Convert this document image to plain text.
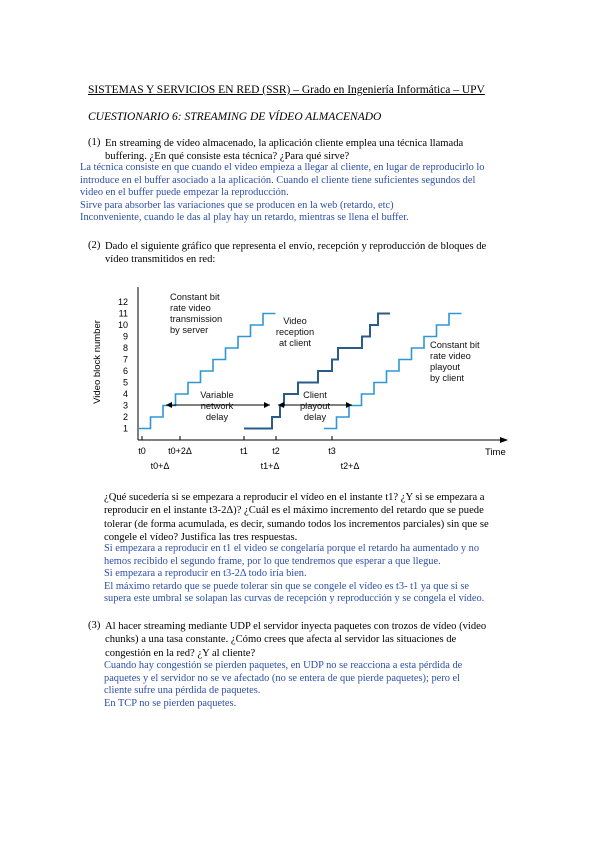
SISTEMAS Y SERVICIOS EN RED (SSR) – Grado en Ingeniería Informática – UPV
CUESTIONARIO 6: STREAMING DE VÍDEO ALMACENADO
(1) En streaming de vídeo almacenado, la aplicación cliente emplea una técnica llamada
buffering. ¿En qué consiste esta técnica? ¿Para qué sirve?
La técnica consiste en que cuando el video empieza a llegar al cliente, en lugar de reproducirlo lo
introduce en el buffer asociado a la aplicación. Cuando el cliente tiene suficientes segundos del
video en el buffer puede empezar la reproducción.
Sirve para absorber las variaciones que se producen en la web (retardo, etc)
Inconveniente, cuando le das al play hay un retardo, mientras se llena el buffer.
(2) Dado el siguiente gráfico que representa el envío, recepción y reproducción de bloques de
vídeo transmitidos en red:
Video block number
Time
1
2
3
4
5
6
7
8
9
10
11
12
t0 t0+2Δ	t1	t2	t3
t0+Δ	t1+Δ	t2+Δ
Constant bit
rate video
transmission
by server
Video
reception
at client	Constant bit
rate video
playout
by client
Variable
network
delay
Client
playout
delay
¿Qué sucedería si se empezara a reproducir el vídeo en el instante t1? ¿Y si se empezara a
reproducir en el instante t3-2Δ)? ¿Cuál es el máximo incremento del retardo que se puede
tolerar (de forma acumulada, es decir, sumando todos los incrementos parciales) sin que se
congele el vídeo? Justifica las tres respuestas.
Si empezara a reproducir en t1 el video se congelaría porque el retardo ha aumentado y no
hemos recibido el segundo frame, por lo que tendremos que esperar a que llegue.
Si empezara a reproducir en t3-2Δ todo iría bien.
El máximo retardo que se puede tolerar sin que se congele el vídeo es t3- t1 ya que si se
supera este umbral se solapan las curvas de recepción y reproducción y se congela el vídeo.
(3) Al hacer streaming mediante UDP el servidor inyecta paquetes con trozos de vídeo (video
chunks) a una tasa constante. ¿Cómo crees que afecta al servidor las situaciones de
congestión en la red? ¿Y al cliente?
Cuando hay congestión se pierden paquetes, en UDP no se reacciona a esta pérdida de
paquetes y el servidor no se ve afectado (no se entera de que pierde paquetes); pero el
cliente sufre una pérdida de paquetes.
En TCP no se pierden paquetes.
